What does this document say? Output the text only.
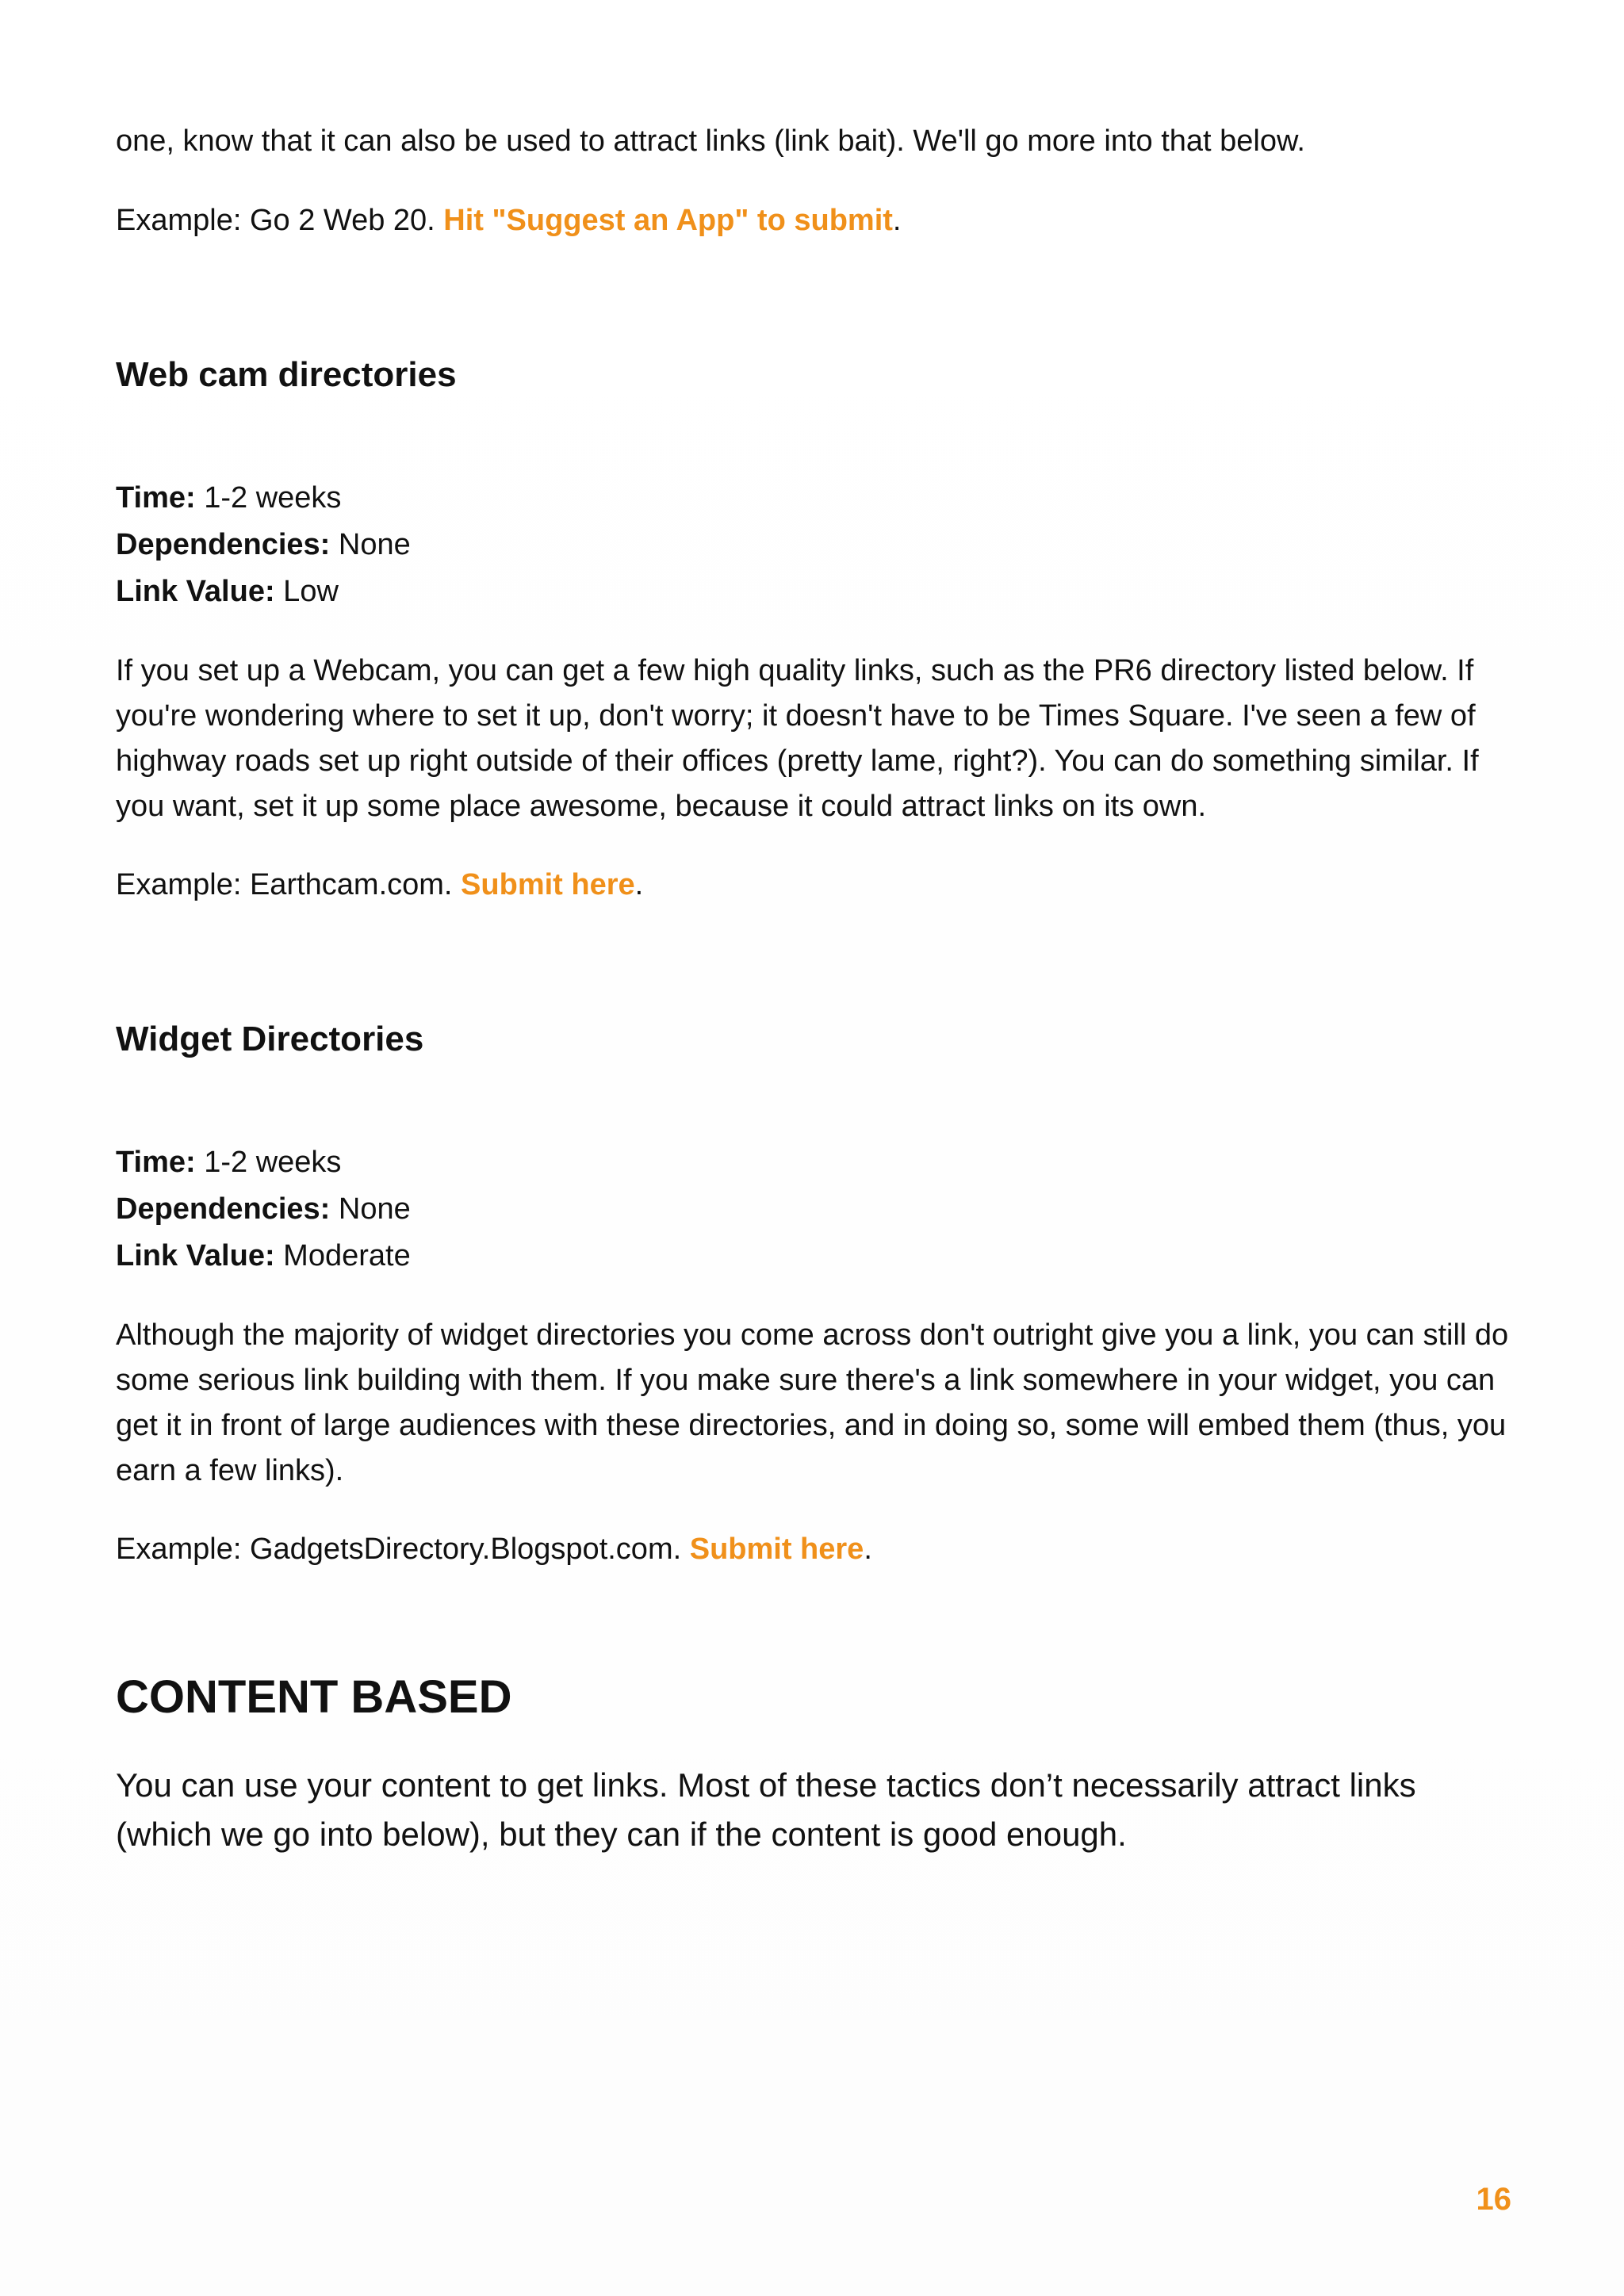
one, know that it can also be used to attract links (link bait). We'll go more into that below.

Example: Go 2 Web 20. Hit "Suggest an App" to submit.

Web cam directories

Time: 1-2 weeks

Dependencies: None

Link Value: Low

If you set up a Webcam, you can get a few high quality links, such as the PR6 directory listed below. If you're wondering where to set it up, don't worry; it doesn't have to be Times Square. I've seen a few of highway roads set up right outside of their offices (pretty lame, right?). You can do something similar. If you want, set it up some place awesome, because it could attract links on its own.

Example: Earthcam.com. Submit here.

Widget Directories

Time: 1-2 weeks

Dependencies: None

Link Value: Moderate

Although the majority of widget directories you come across don't outright give you a link, you can still do some serious link building with them. If you make sure there's a link somewhere in your widget, you can get it in front of large audiences with these directories, and in doing so, some will embed them (thus, you earn a few links).

Example: GadgetsDirectory.Blogspot.com. Submit here.

CONTENT BASED

You can use your content to get links. Most of these tactics don’t necessarily attract links (which we go into below), but they can if the content is good enough.

16
